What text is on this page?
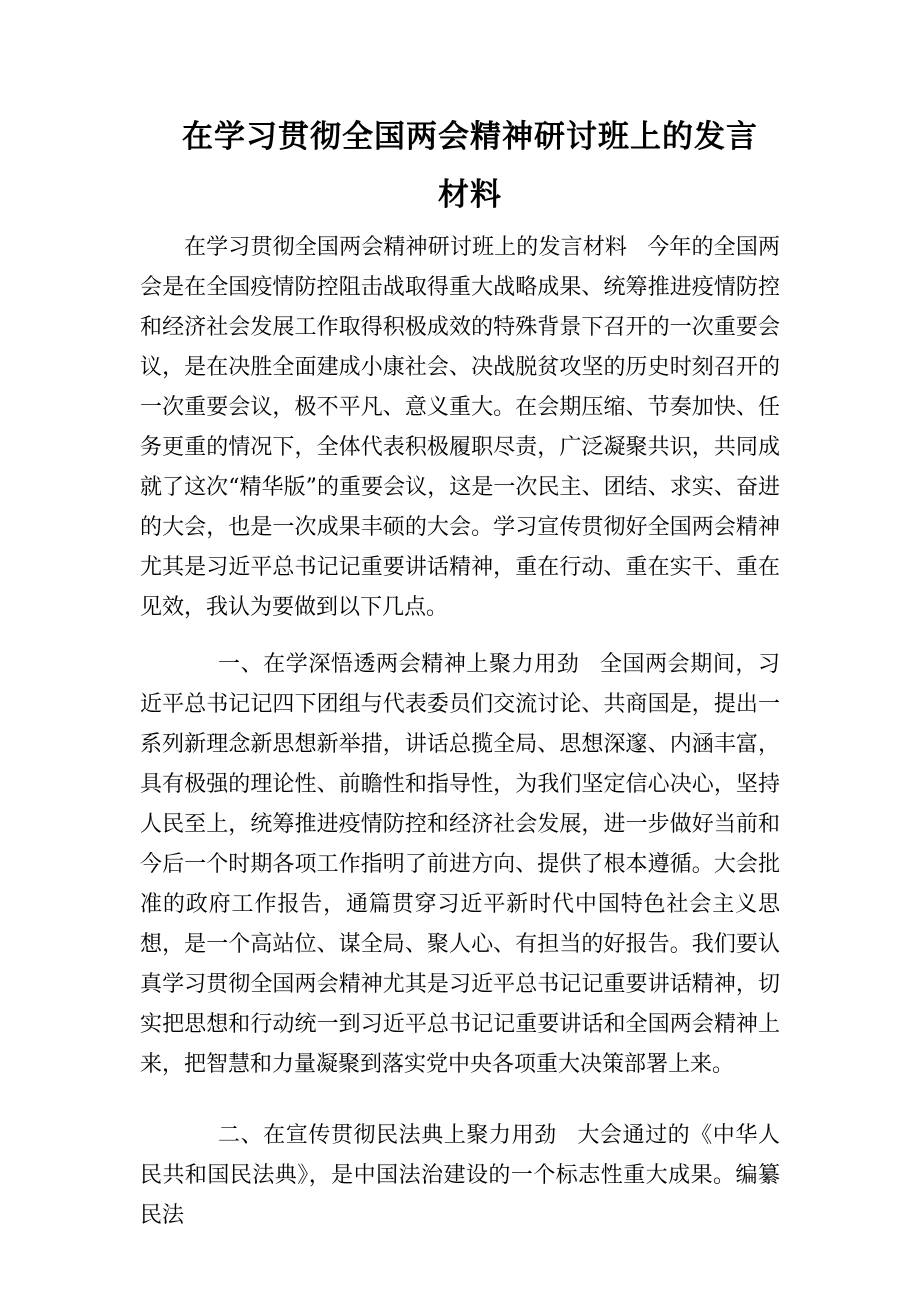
在学习贯彻全国两会精神研讨班上的发言
材料

在学习贯彻全国两会精神研讨班上的发言材料 今年的全国两会是在全国疫情防控阻击战取得重大战略成果、统筹推进疫情防控和经济社会发展工作取得积极成效的特殊背景下召开的一次重要会议，是在决胜全面建成小康社会、决战脱贫攻坚的历史时刻召开的一次重要会议，极不平凡、意义重大。在会期压缩、节奏加快、任务更重的情况下，全体代表积极履职尽责，广泛凝聚共识，共同成就了这次“精华版”的重要会议，这是一次民主、团结、求实、奋进的大会，也是一次成果丰硕的大会。学习宣传贯彻好全国两会精神尤其是习近平总书记记重要讲话精神，重在行动、重在实干、重在见效，我认为要做到以下几点。

一、在学深悟透两会精神上聚力用劲 全国两会期间，习近平总书记记四下团组与代表委员们交流讨论、共商国是，提出一系列新理念新思想新举措，讲话总揽全局、思想深邃、内涵丰富，具有极强的理论性、前瞻性和指导性，为我们坚定信心决心，坚持人民至上，统筹推进疫情防控和经济社会发展，进一步做好当前和今后一个时期各项工作指明了前进方向、提供了根本遵循。大会批准的政府工作报告，通篇贯穿习近平新时代中国特色社会主义思想，是一个高站位、谋全局、聚人心、有担当的好报告。我们要认真学习贯彻全国两会精神尤其是习近平总书记记重要讲话精神，切实把思想和行动统一到习近平总书记记重要讲话和全国两会精神上来，把智慧和力量凝聚到落实党中央各项重大决策部署上来。

二、在宣传贯彻民法典上聚力用劲 大会通过的《中华人民共和国民法典》，是中国法治建设的一个标志性重大成果。编纂民法
